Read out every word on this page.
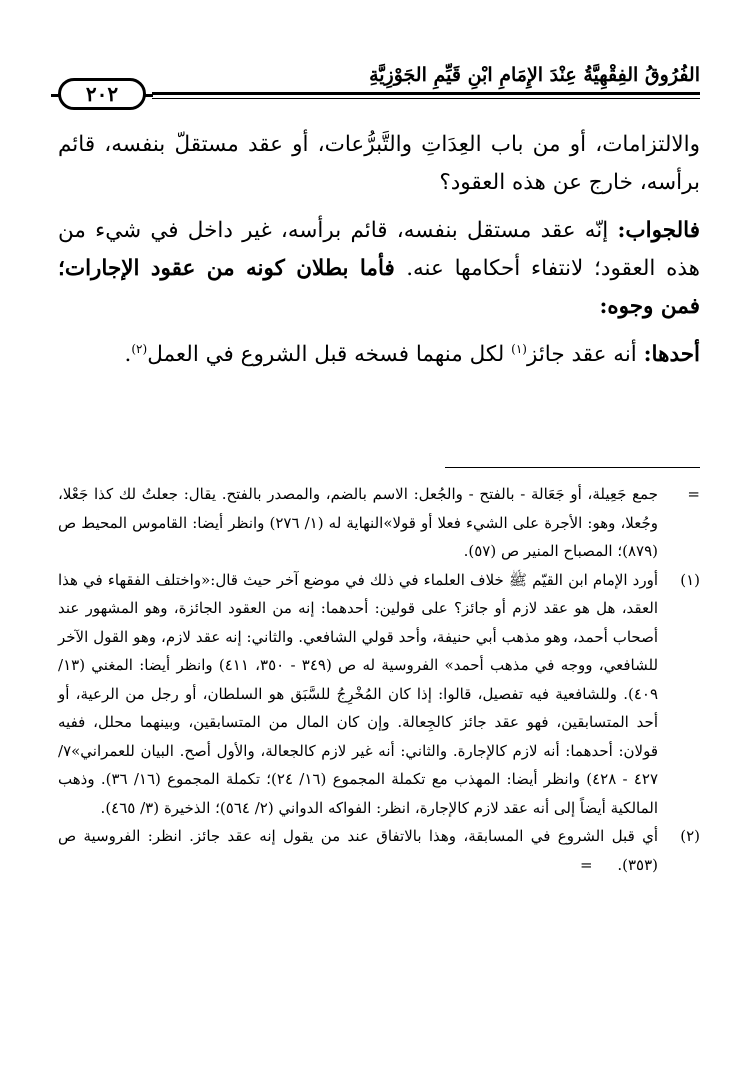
الفُرُوقُ الفِقْهِيَّةُ عِنْدَ الإِمَامِ ابْنِ قَيِّمِ الجَوْزِيَّةِ
٢٠٢

والالتزامات، أو من باب العِدَاتِ والتَّبرُّعات، أو عقد مستقلّ بنفسه، قائم برأسه، خارج عن هذه العقود؟

فالجواب: إنّه عقد مستقل بنفسه، قائم برأسه، غير داخل في شيء من هذه العقود؛ لانتفاء أحكامها عنه. فأما بطلان كونه من عقود الإجارات؛ فمن وجوه:

أحدها: أنه عقد جائز$^{(١)}$ لكل منهما فسخه قبل الشروع في العمل$^{(٢)}$.

=
جمع جَعِيلة، أو جَعَالة - بالفتح - والجُعل: الاسم بالضم، والمصدر بالفتح. يقال: جعلتُ لك كذا جَعْلا، وجُعلا، وهو: الأجرة على الشيء فعلا أو قولا»النهاية له (١/ ٢٧٦) وانظر أيضا: القاموس المحيط ص (٨٧٩)؛ المصباح المنير ص (٥٧).

(١)
أورد الإمام ابن القيّم ﷺ خلاف العلماء في ذلك في موضع آخر حيث قال:«واختلف الفقهاء في هذا العقد، هل هو عقد لازم أو جائز؟ على قولين: أحدهما: إنه من العقود الجائزة، وهو المشهور عند أصحاب أحمد، وهو مذهب أبي حنيفة، وأحد قولي الشافعي. والثاني: إنه عقد لازم، وهو القول الآخر للشافعي، ووجه في مذهب أحمد» الفروسية له ص (٣٤٩ - ٣٥٠، ٤١١) وانظر أيضا: المغني (١٣/ ٤٠٩). وللشافعية فيه تفصيل، قالوا: إذا كان المُخْرِجُ للسَّبَق هو السلطان، أو رجل من الرعية، أو أحد المتسابقين، فهو عقد جائز كالجِعالة. وإن كان المال من المتسابقين، وبينهما محلل، ففيه قولان: أحدهما: أنه لازم كالإجارة. والثاني: أنه غير لازم كالجعالة، والأول أصح. البيان للعمراني»٧/ ٤٢٧ - ٤٢٨) وانظر أيضا: المهذب مع تكملة المجموع (١٦/ ٢٤)؛ تكملة المجموع (١٦/ ٣٦). وذهب المالكية أيضاً إلى أنه عقد لازم كالإجارة، انظر: الفواكه الدواني (٢/ ٥٦٤)؛ الذخيرة (٣/ ٤٦٥).

(٢)
أي قبل الشروع في المسابقة، وهذا بالاتفاق عند من يقول إنه عقد جائز. انظر: الفروسية ص (٣٥٣). =
